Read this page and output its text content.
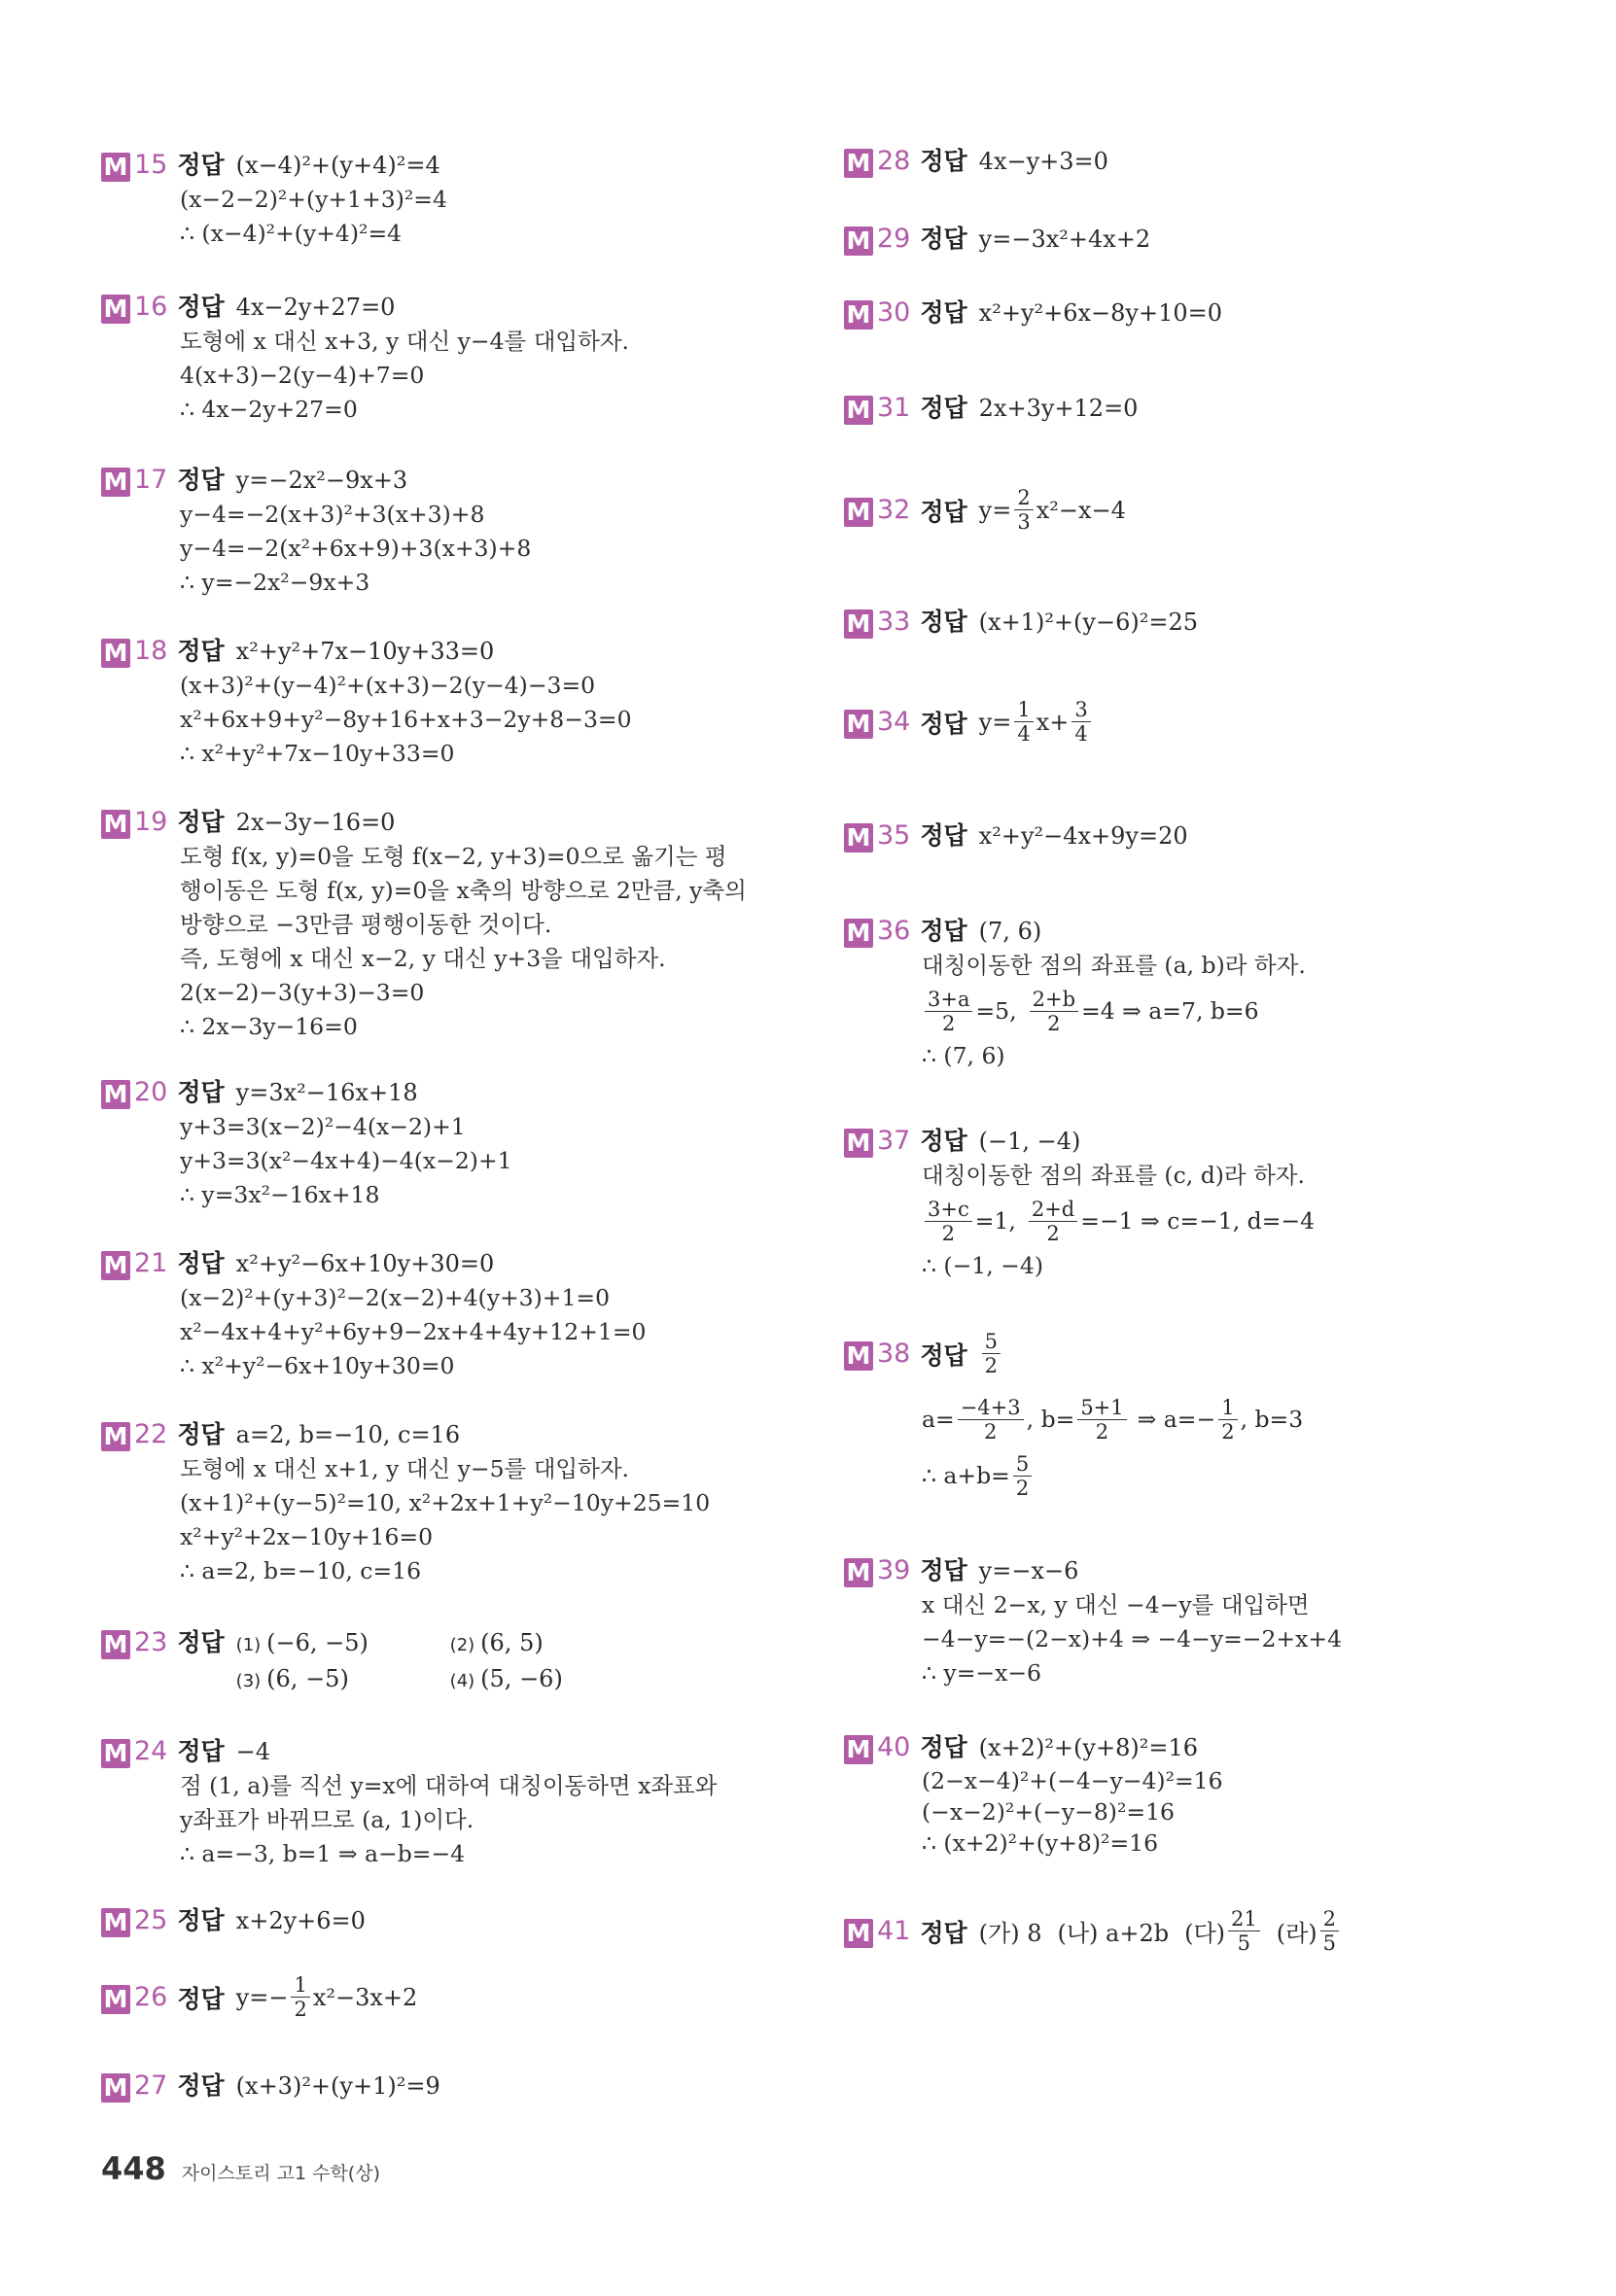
M 15 정답 (x−4)²+(y+4)²=4
(x−2−2)²+(y+1+3)²=4
∴ (x−4)²+(y+4)²=4
M 16 정답 4x−2y+27=0
도형에 x 대신 x+3, y 대신 y−4를 대입하자.
4(x+3)−2(y−4)+7=0
∴ 4x−2y+27=0
M 17 정답 y=−2x²−9x+3
y−4=−2(x+3)²+3(x+3)+8
y−4=−2(x²+6x+9)+3(x+3)+8
∴ y=−2x²−9x+3
M 18 정답 x²+y²+7x−10y+33=0
(x+3)²+(y−4)²+(x+3)−2(y−4)−3=0
x²+6x+9+y²−8y+16+x+3−2y+8−3=0
∴ x²+y²+7x−10y+33=0
M 19 정답 2x−3y−16=0
도형 f(x, y)=0을 도형 f(x−2, y+3)=0으로 옮기는 평
행이동은 도형 f(x, y)=0을 x축의 방향으로 2만큼, y축의
방향으로 −3만큼 평행이동한 것이다.
즉, 도형에 x 대신 x−2, y 대신 y+3을 대입하자.
2(x−2)−3(y+3)−3=0
∴ 2x−3y−16=0
M 20 정답 y=3x²−16x+18
y+3=3(x−2)²−4(x−2)+1
y+3=3(x²−4x+4)−4(x−2)+1
∴ y=3x²−16x+18
M 21 정답 x²+y²−6x+10y+30=0
(x−2)²+(y+3)²−2(x−2)+4(y+3)+1=0
x²−4x+4+y²+6y+9−2x+4+4y+12+1=0
∴ x²+y²−6x+10y+30=0
M 22 정답 a=2, b=−10, c=16
도형에 x 대신 x+1, y 대신 y−5를 대입하자.
(x+1)²+(y−5)²=10, x²+2x+1+y²−10y+25=10
x²+y²+2x−10y+16=0
∴ a=2, b=−10, c=16
M 23 정답 (1) (−6, −5)	(2) (6, 5)
(3) (6, −5)	(4) (5, −6)
M 24 정답 −4
점 (1, a)를 직선 y=x에 대하여 대칭이동하면 x좌표와
y좌표가 바뀌므로 (a, 1)이다.
∴ a=−3, b=1 ⇒ a−b=−4
M 25 정답 x+2y+6=0
M 26 정답 $y=- \frac{1}{2} x^2-3x+2$
M 27 정답 (x+3)²+(y+1)²=9
M 28 정답 4x−y+3=0
M 29 정답 y=−3x²+4x+2
M 30 정답 x²+y²+6x−8y+10=0
M 31 정답 2x+3y+12=0
M 32 정답 $y= \frac{2}{3} x^2-x-4$
M 33 정답 (x+1)²+(y−6)²=25
M 34 정답 $y= \frac{1}{4} x+ \frac{3}{4}$
M 35 정답 x²+y²−4x+9y=20
M 36 정답 (7, 6)
대칭이동한 점의 좌표를 (a, b)라 하자.
$\frac{3+a}{2} =5$, $\frac{2+b}{2} =4$ ⇒ a=7, b=6
∴ (7, 6)
M 37 정답 (−1, −4)
대칭이동한 점의 좌표를 (c, d)라 하자.
$\frac{3+c}{2} =1$, $\frac{2+d}{2} =-1$ ⇒ c=−1, d=−4
∴ (−1, −4)
M 38 정답 5
2
$a= \frac{-4+3}{2}$ , $b= \frac{5+1}{2}$ ⇒ $a=- \frac{1}{2}$ , b=3
∴ $a+b= \frac{5}{2}$
M 39 정답 y=−x−6
x 대신 2−x, y 대신 −4−y를 대입하면
−4−y=−(2−x)+4 ⇒ −4−y=−2+x+4
∴ y=−x−6
M 40 정답 (x+2)²+(y+8)²=16
(2−x−4)²+(−4−y−4)²=16
(−x−2)²+(−y−8)²=16
∴ (x+2)²+(y+8)²=16
M 41 정답 (가) 8 (나) a+2b (다)
21
5 (라)
2
5
448 자이스토리 고1 수학(상)
